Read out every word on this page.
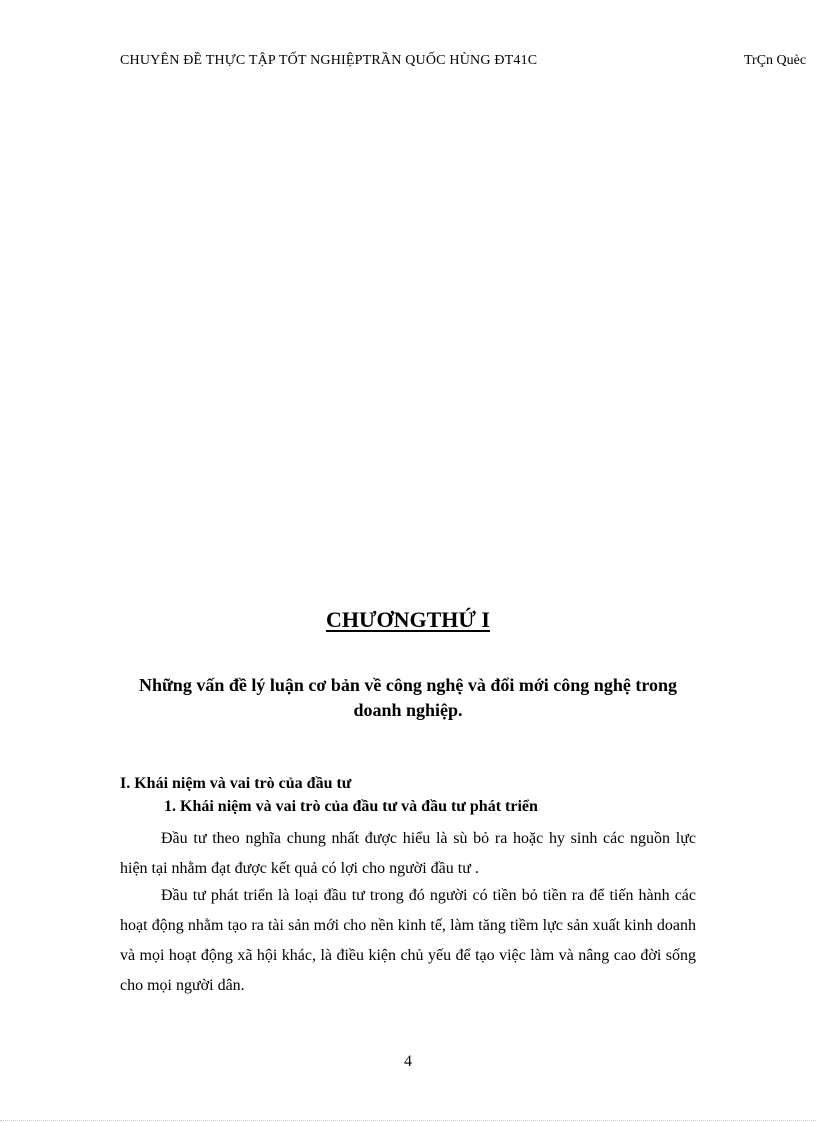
CHUYÊN ĐỀ THỰC TẬP TỐT NGHIỆPTRẦN QUỐC HÙNG ĐT41C	TrÇn Quèc
CHƯƠNGTHỨ I
Những vấn đề lý luận cơ bản về công nghệ và đổi mới công nghệ trong doanh nghiệp.
I. Khái niệm và vai trò của đầu tư
1. Khái niệm và vai trò của đầu tư và đầu tư phát triển

Đầu tư theo nghĩa chung nhất được hiểu là sù bỏ ra hoặc hy sinh các nguồn lực hiện tại nhằm đạt được kết quả có lợi cho người đầu tư .

Đầu tư phát triển là loại đầu tư trong đó người có tiền bỏ tiền ra để tiến hành các hoạt động nhằm tạo ra tài sản mới cho nền kinh tế, làm tăng tiềm lực sản xuất kinh doanh và mọi hoạt động xã hội khác, là điều kiện chủ yếu để tạo việc làm và nâng cao đời sống cho mọi người dân.

4
